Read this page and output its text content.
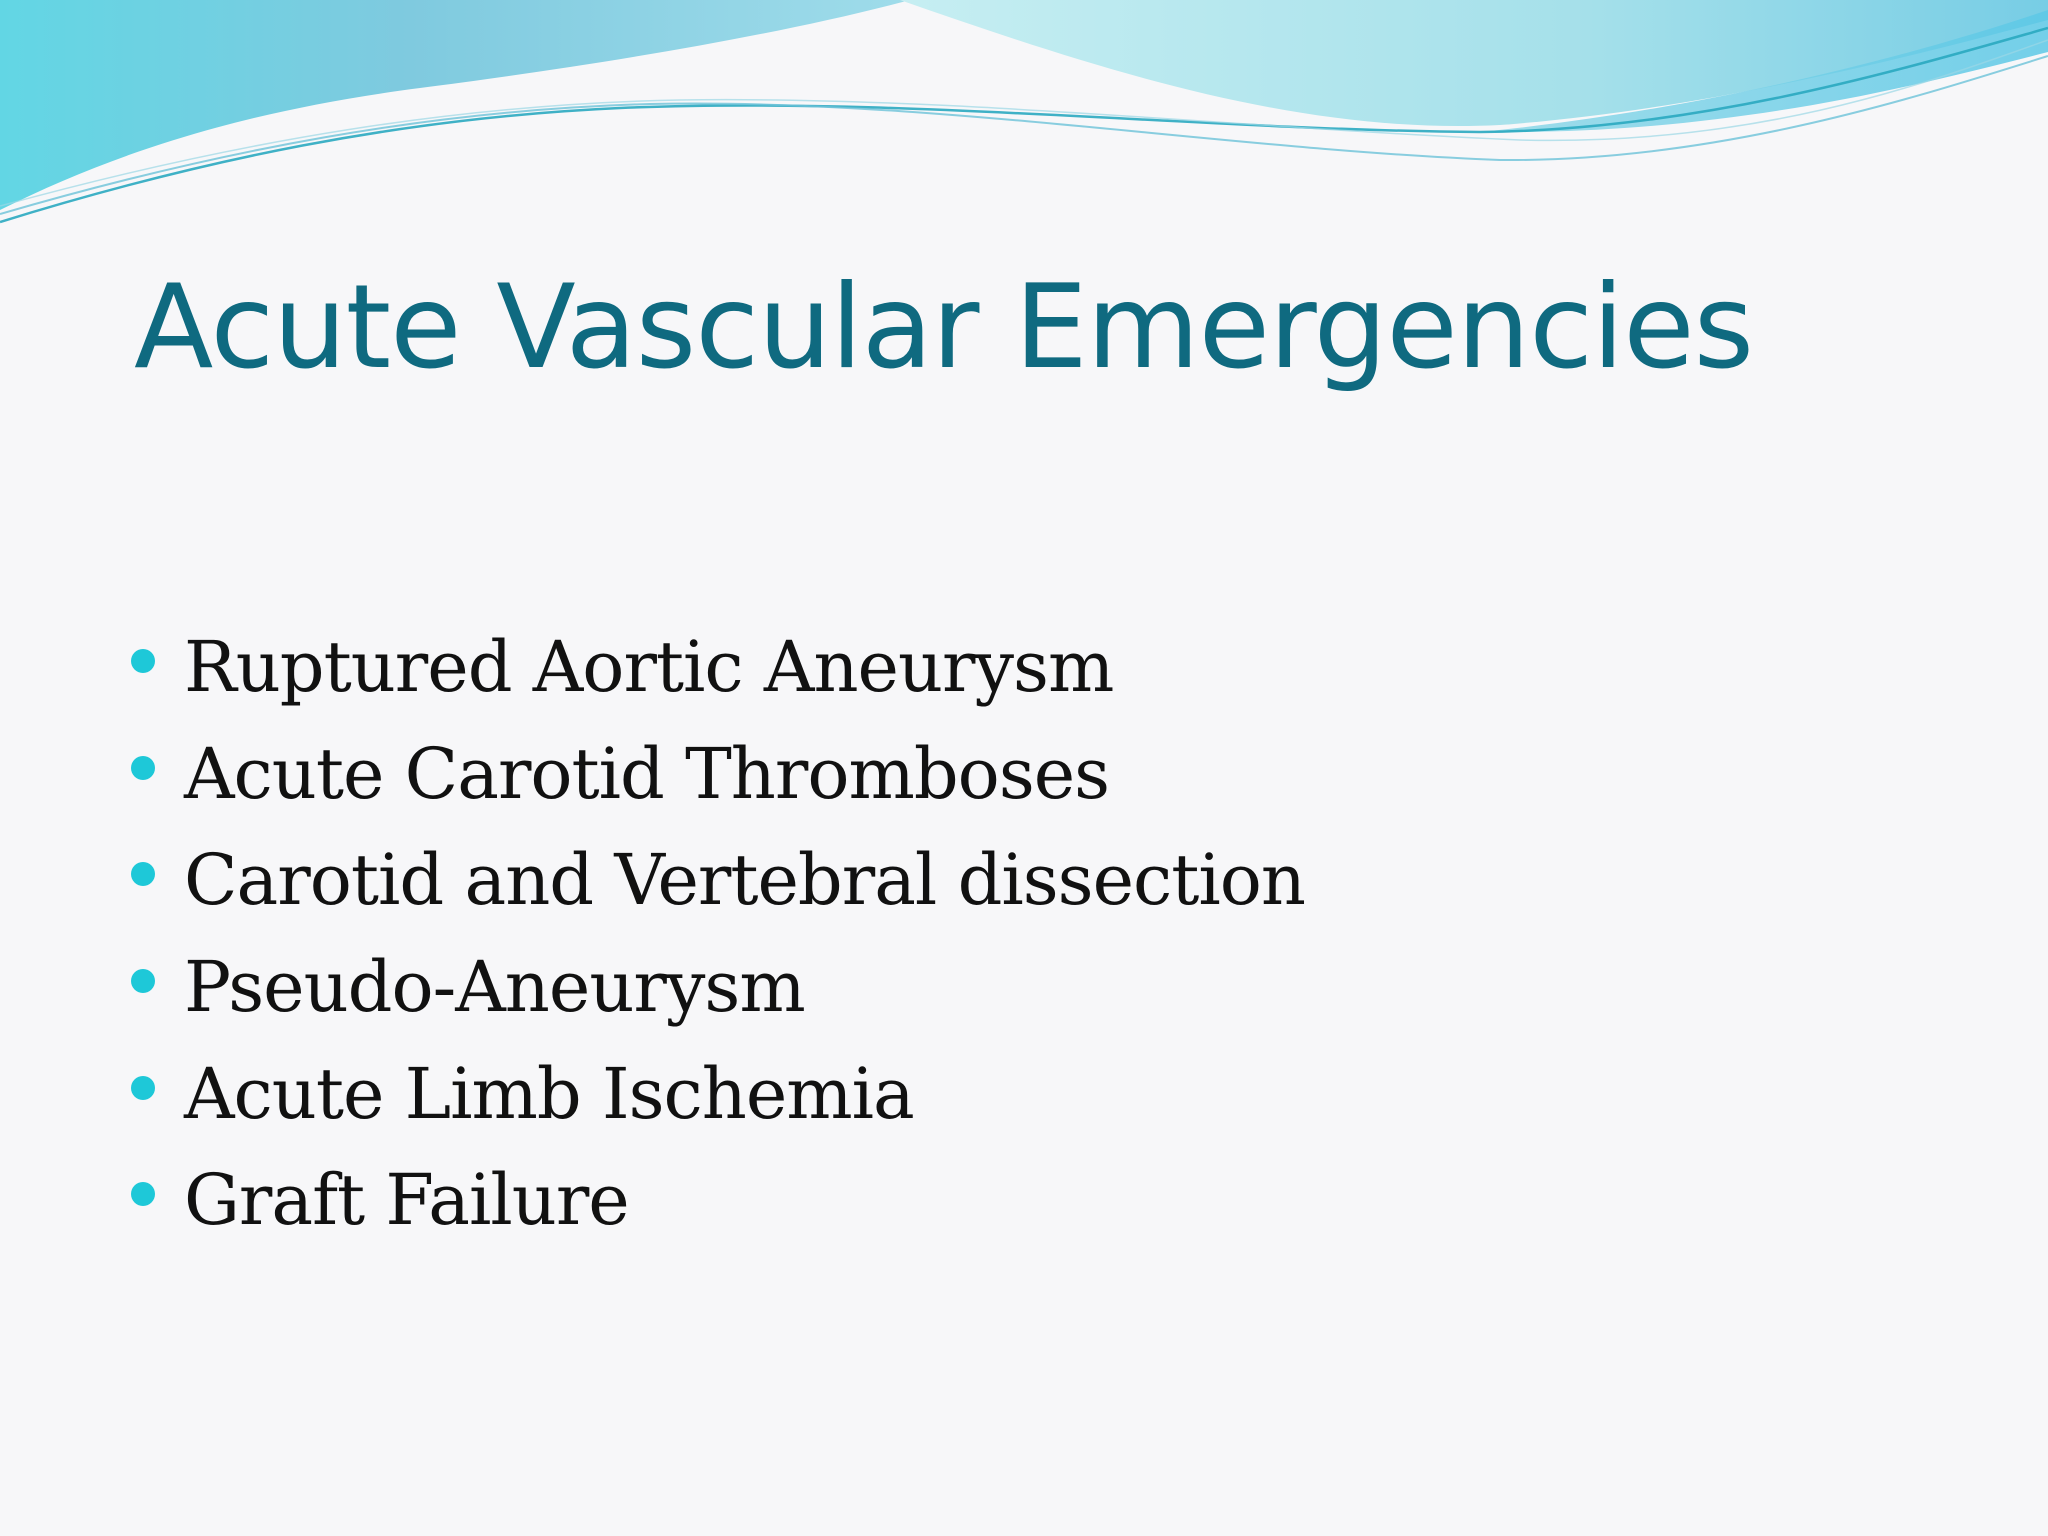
Acute Vascular Emergencies
Ruptured Aortic Aneurysm
Acute Carotid Thromboses
Carotid and Vertebral dissection
Pseudo-Aneurysm
Acute Limb Ischemia
Graft Failure
